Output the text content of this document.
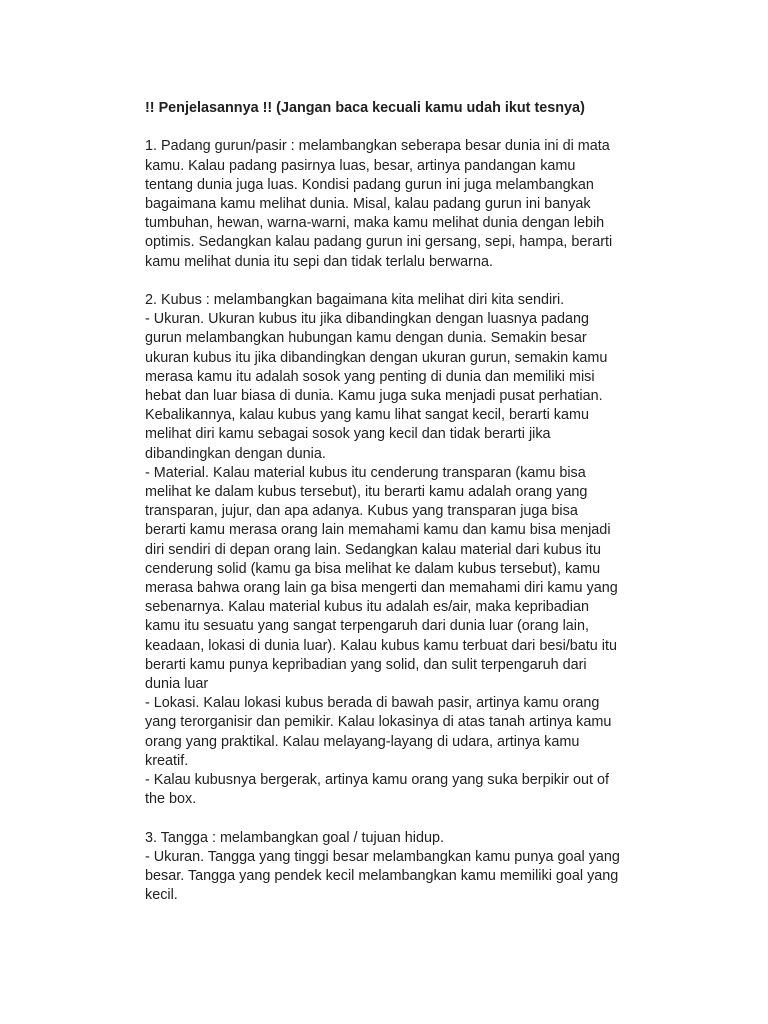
!! Penjelasannya !! (Jangan baca kecuali kamu udah ikut tesnya)
1. Padang gurun/pasir : melambangkan seberapa besar dunia ini di mata
kamu. Kalau padang pasirnya luas, besar, artinya pandangan kamu
tentang dunia juga luas. Kondisi padang gurun ini juga melambangkan
bagaimana kamu melihat dunia. Misal, kalau padang gurun ini banyak
tumbuhan, hewan, warna-warni, maka kamu melihat dunia dengan lebih
optimis. Sedangkan kalau padang gurun ini gersang, sepi, hampa, berarti
kamu melihat dunia itu sepi dan tidak terlalu berwarna.
2. Kubus : melambangkan bagaimana kita melihat diri kita sendiri.
- Ukuran. Ukuran kubus itu jika dibandingkan dengan luasnya padang
gurun melambangkan hubungan kamu dengan dunia. Semakin besar
ukuran kubus itu jika dibandingkan dengan ukuran gurun, semakin kamu
merasa kamu itu adalah sosok yang penting di dunia dan memiliki misi
hebat dan luar biasa di dunia. Kamu juga suka menjadi pusat perhatian.
Kebalikannya, kalau kubus yang kamu lihat sangat kecil, berarti kamu
melihat diri kamu sebagai sosok yang kecil dan tidak berarti jika
dibandingkan dengan dunia.
- Material. Kalau material kubus itu cenderung transparan (kamu bisa
melihat ke dalam kubus tersebut), itu berarti kamu adalah orang yang
transparan, jujur, dan apa adanya. Kubus yang transparan juga bisa
berarti kamu merasa orang lain memahami kamu dan kamu bisa menjadi
diri sendiri di depan orang lain. Sedangkan kalau material dari kubus itu
cenderung solid (kamu ga bisa melihat ke dalam kubus tersebut), kamu
merasa bahwa orang lain ga bisa mengerti dan memahami diri kamu yang
sebenarnya. Kalau material kubus itu adalah es/air, maka kepribadian
kamu itu sesuatu yang sangat terpengaruh dari dunia luar (orang lain,
keadaan, lokasi di dunia luar). Kalau kubus kamu terbuat dari besi/batu itu
berarti kamu punya kepribadian yang solid, dan sulit terpengaruh dari
dunia luar
- Lokasi. Kalau lokasi kubus berada di bawah pasir, artinya kamu orang
yang terorganisir dan pemikir. Kalau lokasinya di atas tanah artinya kamu
orang yang praktikal. Kalau melayang-layang di udara, artinya kamu
kreatif.
- Kalau kubusnya bergerak, artinya kamu orang yang suka berpikir out of
the box.
3. Tangga : melambangkan goal / tujuan hidup.
- Ukuran. Tangga yang tinggi besar melambangkan kamu punya goal yang
besar. Tangga yang pendek kecil melambangkan kamu memiliki goal yang
kecil.
